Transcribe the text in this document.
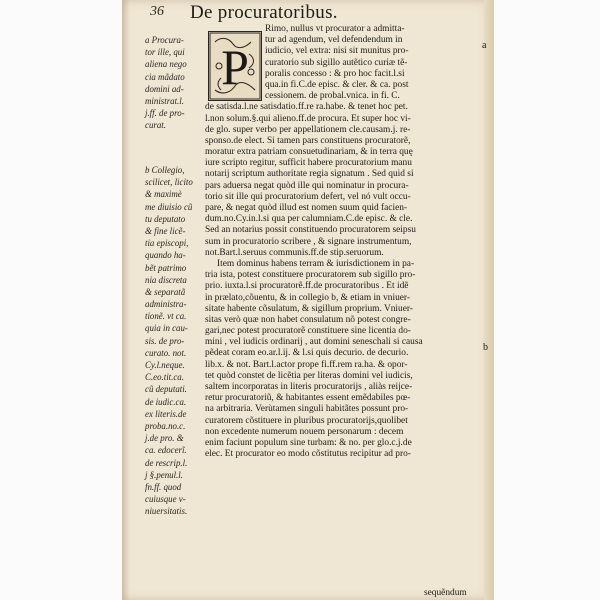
36 De procuratoribus.
a Procura-
tor ille, qui
aliena nego
cia mãdato
domini ad-
ministrat.l.
j.ff. de pro-
curat.
b Collegio,
scilicet, licito
& maximè
me diuisio cũ
tu deputato
& fine licẽ-
tia episcopi,
quando ha-
bẽt patrimo
nia discreta
& separatã
administra-
tionẽ. vt ca.
quia in cau-
sis. de pro-
curato. not.
Cy.l.neque.
C.eo.tit.ca.
cũ deputati.
de iudic.ca.
ex literis.de
proba.no.c.
j.de pro. &
ca. edocerĩ.
de rescrip.l.
j §.penul.l.
fn.ff. quod
cuiusque v-
niuersitatis.
Rimo, nullus vt procurator a admitta-
tur ad agendum, vel defendendum in
iudicio, vel extra: nisi sit munitus pro-
curatorio sub sigillo autẽtico curiæ tẽ-
poralis concesso : & pro hoc facit.l.si
qua.in fi.C.de episc. & cler. & ca. post
cessionem. de probal.vnica. in fi. C.
de satisda.l.ne satisdatio.ff.re ra.habe. & tenet hoc pet.
l.non solum.§.qui alieno.ff.de procura. Et super hoc vi-
de glo. super verbo per appellationem cle.causam.j. re-
sponso.de elect. Si tamen pars constituens procuratorẽ,
moratur extra patriam consuetudinariam, & in terra quę
iure scripto regitur, sufficit habere procuratorium manu
notarij scriptum authoritate regia signatum . Sed quid si
pars aduersa negat quòd ille qui nominatur in procura-
torio sit ille qui procuratorium defert, vel nó vult occu-
pare, & negat quòd illud est nomen suum quid facien-
dum.no.Cy.in.l.si qua per calumniam.C.de episc. & cle.
Sed an notarius possit constituendo procuratorem seipsu
sum in procuratorio scribere , & signare instrumentum,
not.Bart.l.seruus communis.ff.de stip.seruorum.
Item dominus habens terram & iurisdictionem in pa-
tria ista, potest constituere procuratorem sub sigillo pro-
prio. iuxta.l.si procuratorẽ.ff.de procuratoribus . Et idẽ
in prælato,cõuentu, & in collegio b, & etiam in vniuer-
sitate habente cõsulatum, & sigillum proprium. Vniuer-
sitas verò quæ non habet consulatum nõ potest congre-
gari,nec potest procuratorẽ constituere sine licentia do-
mini , vel iudicis ordinarij , aut domini seneschali si causa
pẽdeat coram eo.ar.l.ij. & l.si quis decurio. de decurio.
lib.x. & not. Bart.l.actor prope fi.ff.rem ra.ha. & opor-
tet quòd constet de licẽtia per literas domini vel iudicis,
saltem incorporatas in literis procuratorijs , aliàs reijce-
retur procuratoriũ, & habitantes essent emẽdabiles pœ-
na arbitraria. Verùtamen singuli habitãtes possunt pro-
curatorem cõstituere in pluribus procuratorijs,quolibet
non excedente numerum nouem personarum : decem
enim faciunt populum sine turbam: & no. per glo.c.j.de
elec. Et procurator eo modo cõstitutus recipitur ad pro-
P	a
b
sequẽndum
